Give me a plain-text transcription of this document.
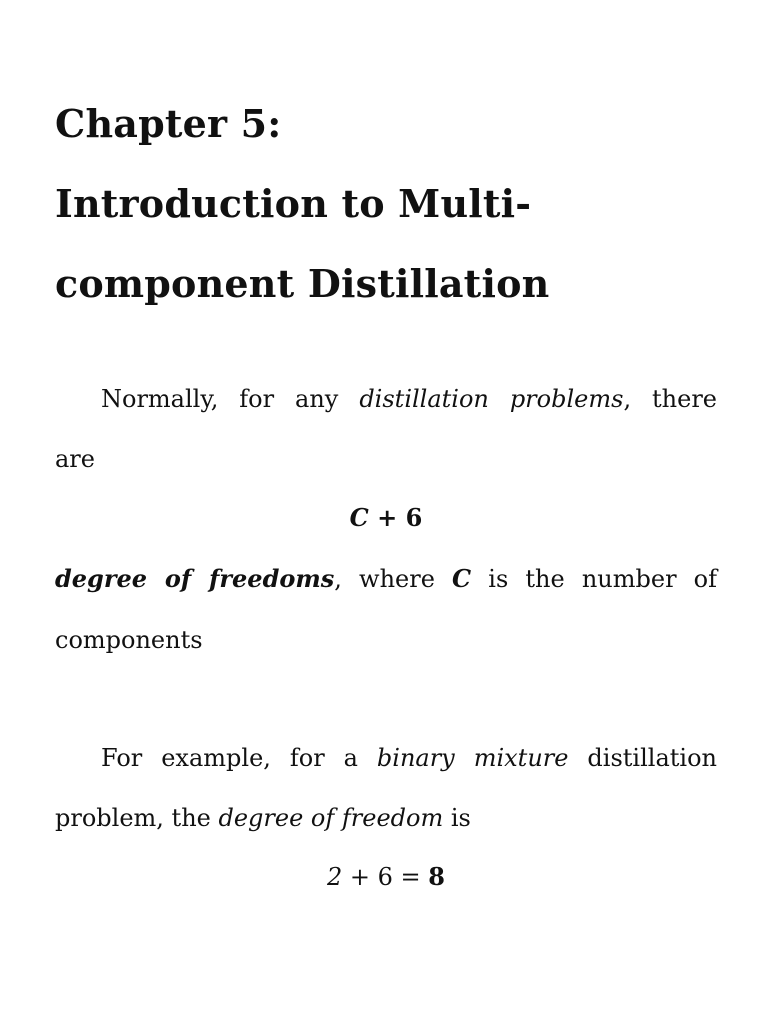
Chapter 5:
Introduction to Multi-
component Distillation
Normally, for any distillation problems, there
are
C + 6
degree of freedoms, where C is the number of
components
For example, for a binary mixture distillation
problem, the degree of freedom is
2 + 6 = 8
